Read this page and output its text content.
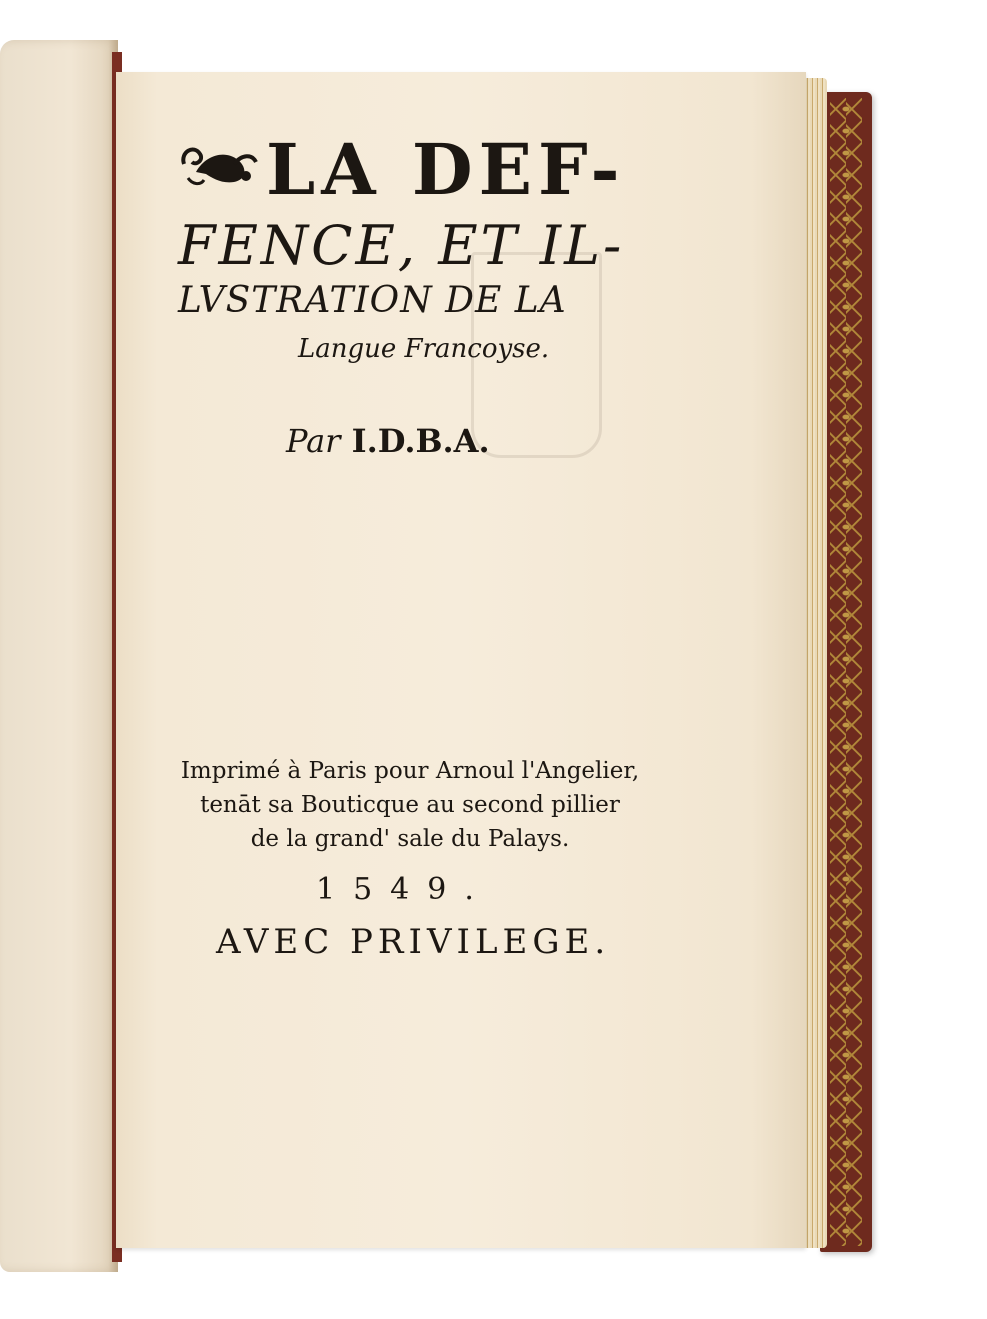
LA DEF-
FENCE, ET IL-
LVSTRATION DE LA
Langue Francoyse.
Par I.D.B.A.
Imprimé à Paris pour Arnoul l'Angelier,
tenāt sa Bouticque au second pillier
de la grand' sale du Palays.
1549.
AVEC PRIVILEGE.
